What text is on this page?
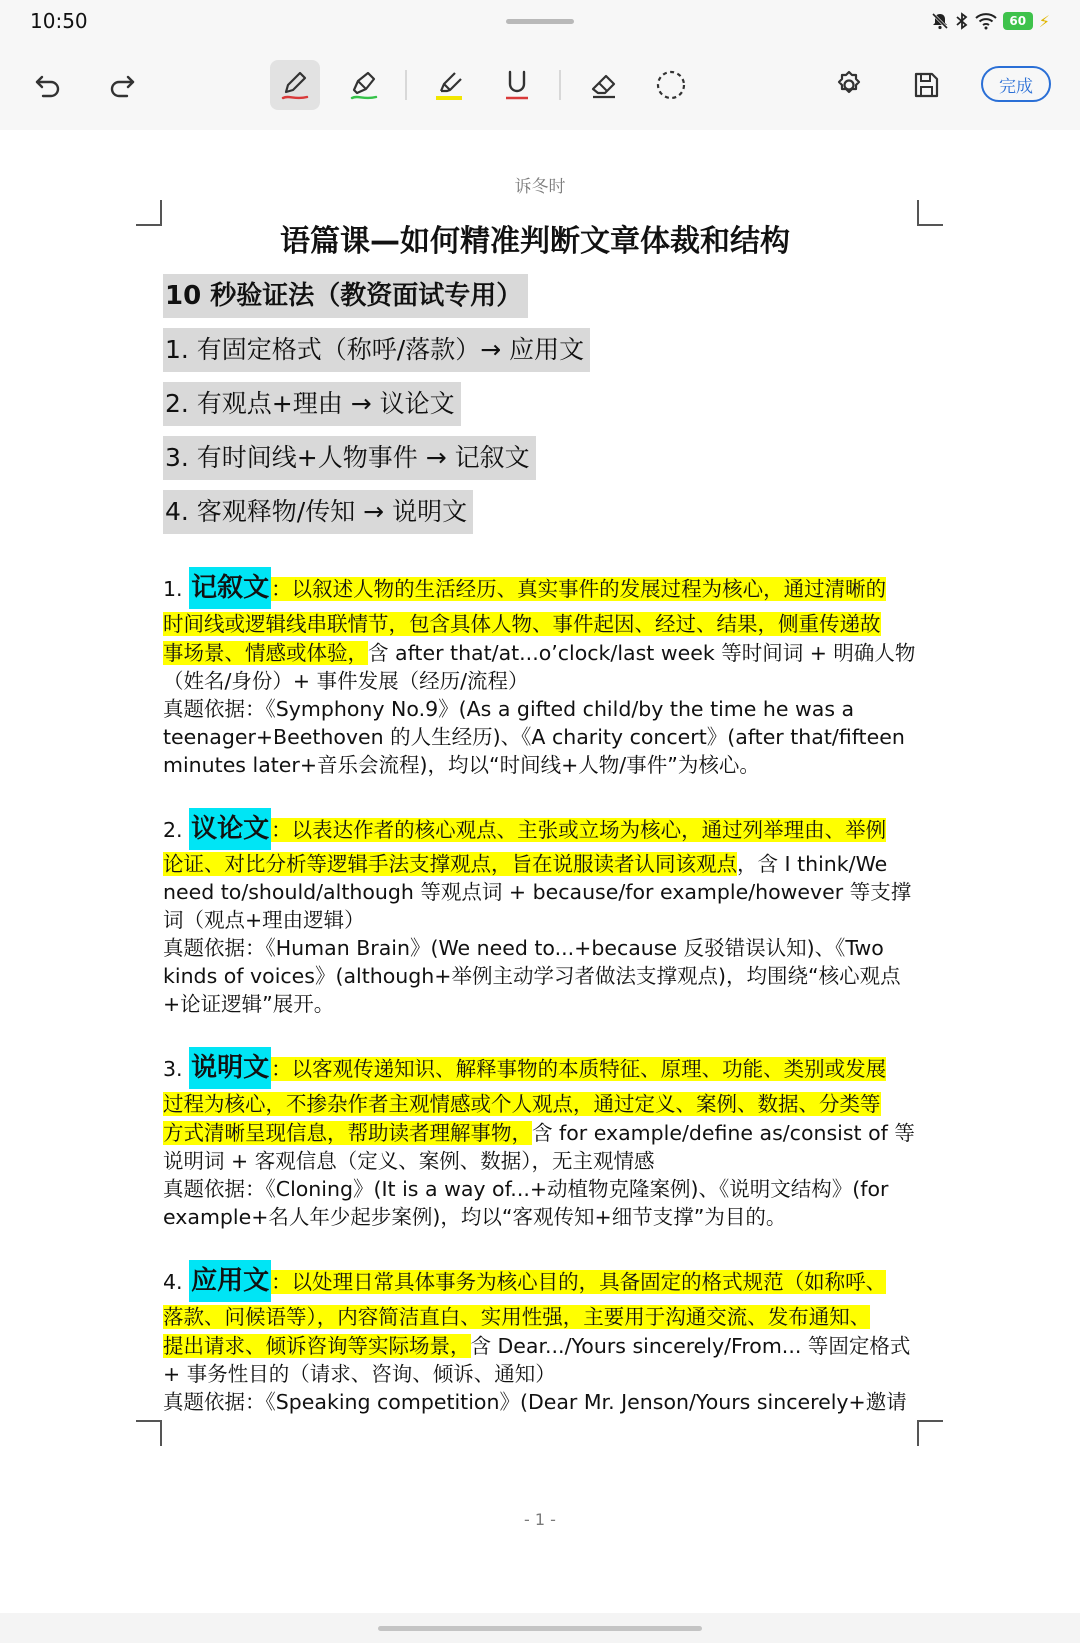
10:50	60 ⚡
完成
诉冬时
语篇课—如何精准判断文章体裁和结构
10 秒验证法（教资面试专用）
1. 有固定格式（称呼/落款）→ 应用文
2. 有观点+理由 → 议论文
3. 有时间线+人物事件 → 记叙文
4. 客观释物/传知 → 说明文

1. 记叙文：以叙述人物的生活经历、真实事件的发展过程为核心，通过清晰的

时间线或逻辑线串联情节，包含具体人物、事件起因、经过、结果，侧重传递故

事场景、情感或体验，含 after that/at...o’clock/last week 等时间词 + 明确人物（姓名/身份）+ 事件发展（经历/流程）

真题依据：《Symphony No.9》(As a gifted child/by the time he was a teenager+Beethoven 的人生经历)、《A charity concert》(after that/fifteen minutes later+音乐会流程)，均以“时间线+人物/事件”为核心。

2. 议论文：以表达作者的核心观点、主张或立场为核心，通过列举理由、举例

论证、对比分析等逻辑手法支撑观点，旨在说服读者认同该观点，含 I think/We need to/should/although 等观点词 + because/for example/however 等支撑词（观点+理由逻辑）

真题依据：《Human Brain》(We need to...+because 反驳错误认知)、《Two kinds of voices》(although+举例主动学习者做法支撑观点)，均围绕“核心观点+论证逻辑”展开。

3. 说明文：以客观传递知识、解释事物的本质特征、原理、功能、类别或发展

过程为核心，不掺杂作者主观情感或个人观点，通过定义、案例、数据、分类等

方式清晰呈现信息，帮助读者理解事物，含 for example/define as/consist of 等说明词 + 客观信息（定义、案例、数据），无主观情感

真题依据：《Cloning》(It is a way of...+动植物克隆案例)、《说明文结构》(for example+名人年少起步案例)，均以“客观传知+细节支撑”为目的。

4. 应用文：以处理日常具体事务为核心目的，具备固定的格式规范（如称呼、

落款、问候语等），内容简洁直白、实用性强，主要用于沟通交流、发布通知、

提出请求、倾诉咨询等实际场景，含 Dear.../Yours sincerely/From... 等固定格式 + 事务性目的（请求、咨询、倾诉、通知）

真题依据：《Speaking competition》(Dear Mr. Jenson/Yours sincerely+邀请

- 1 -
